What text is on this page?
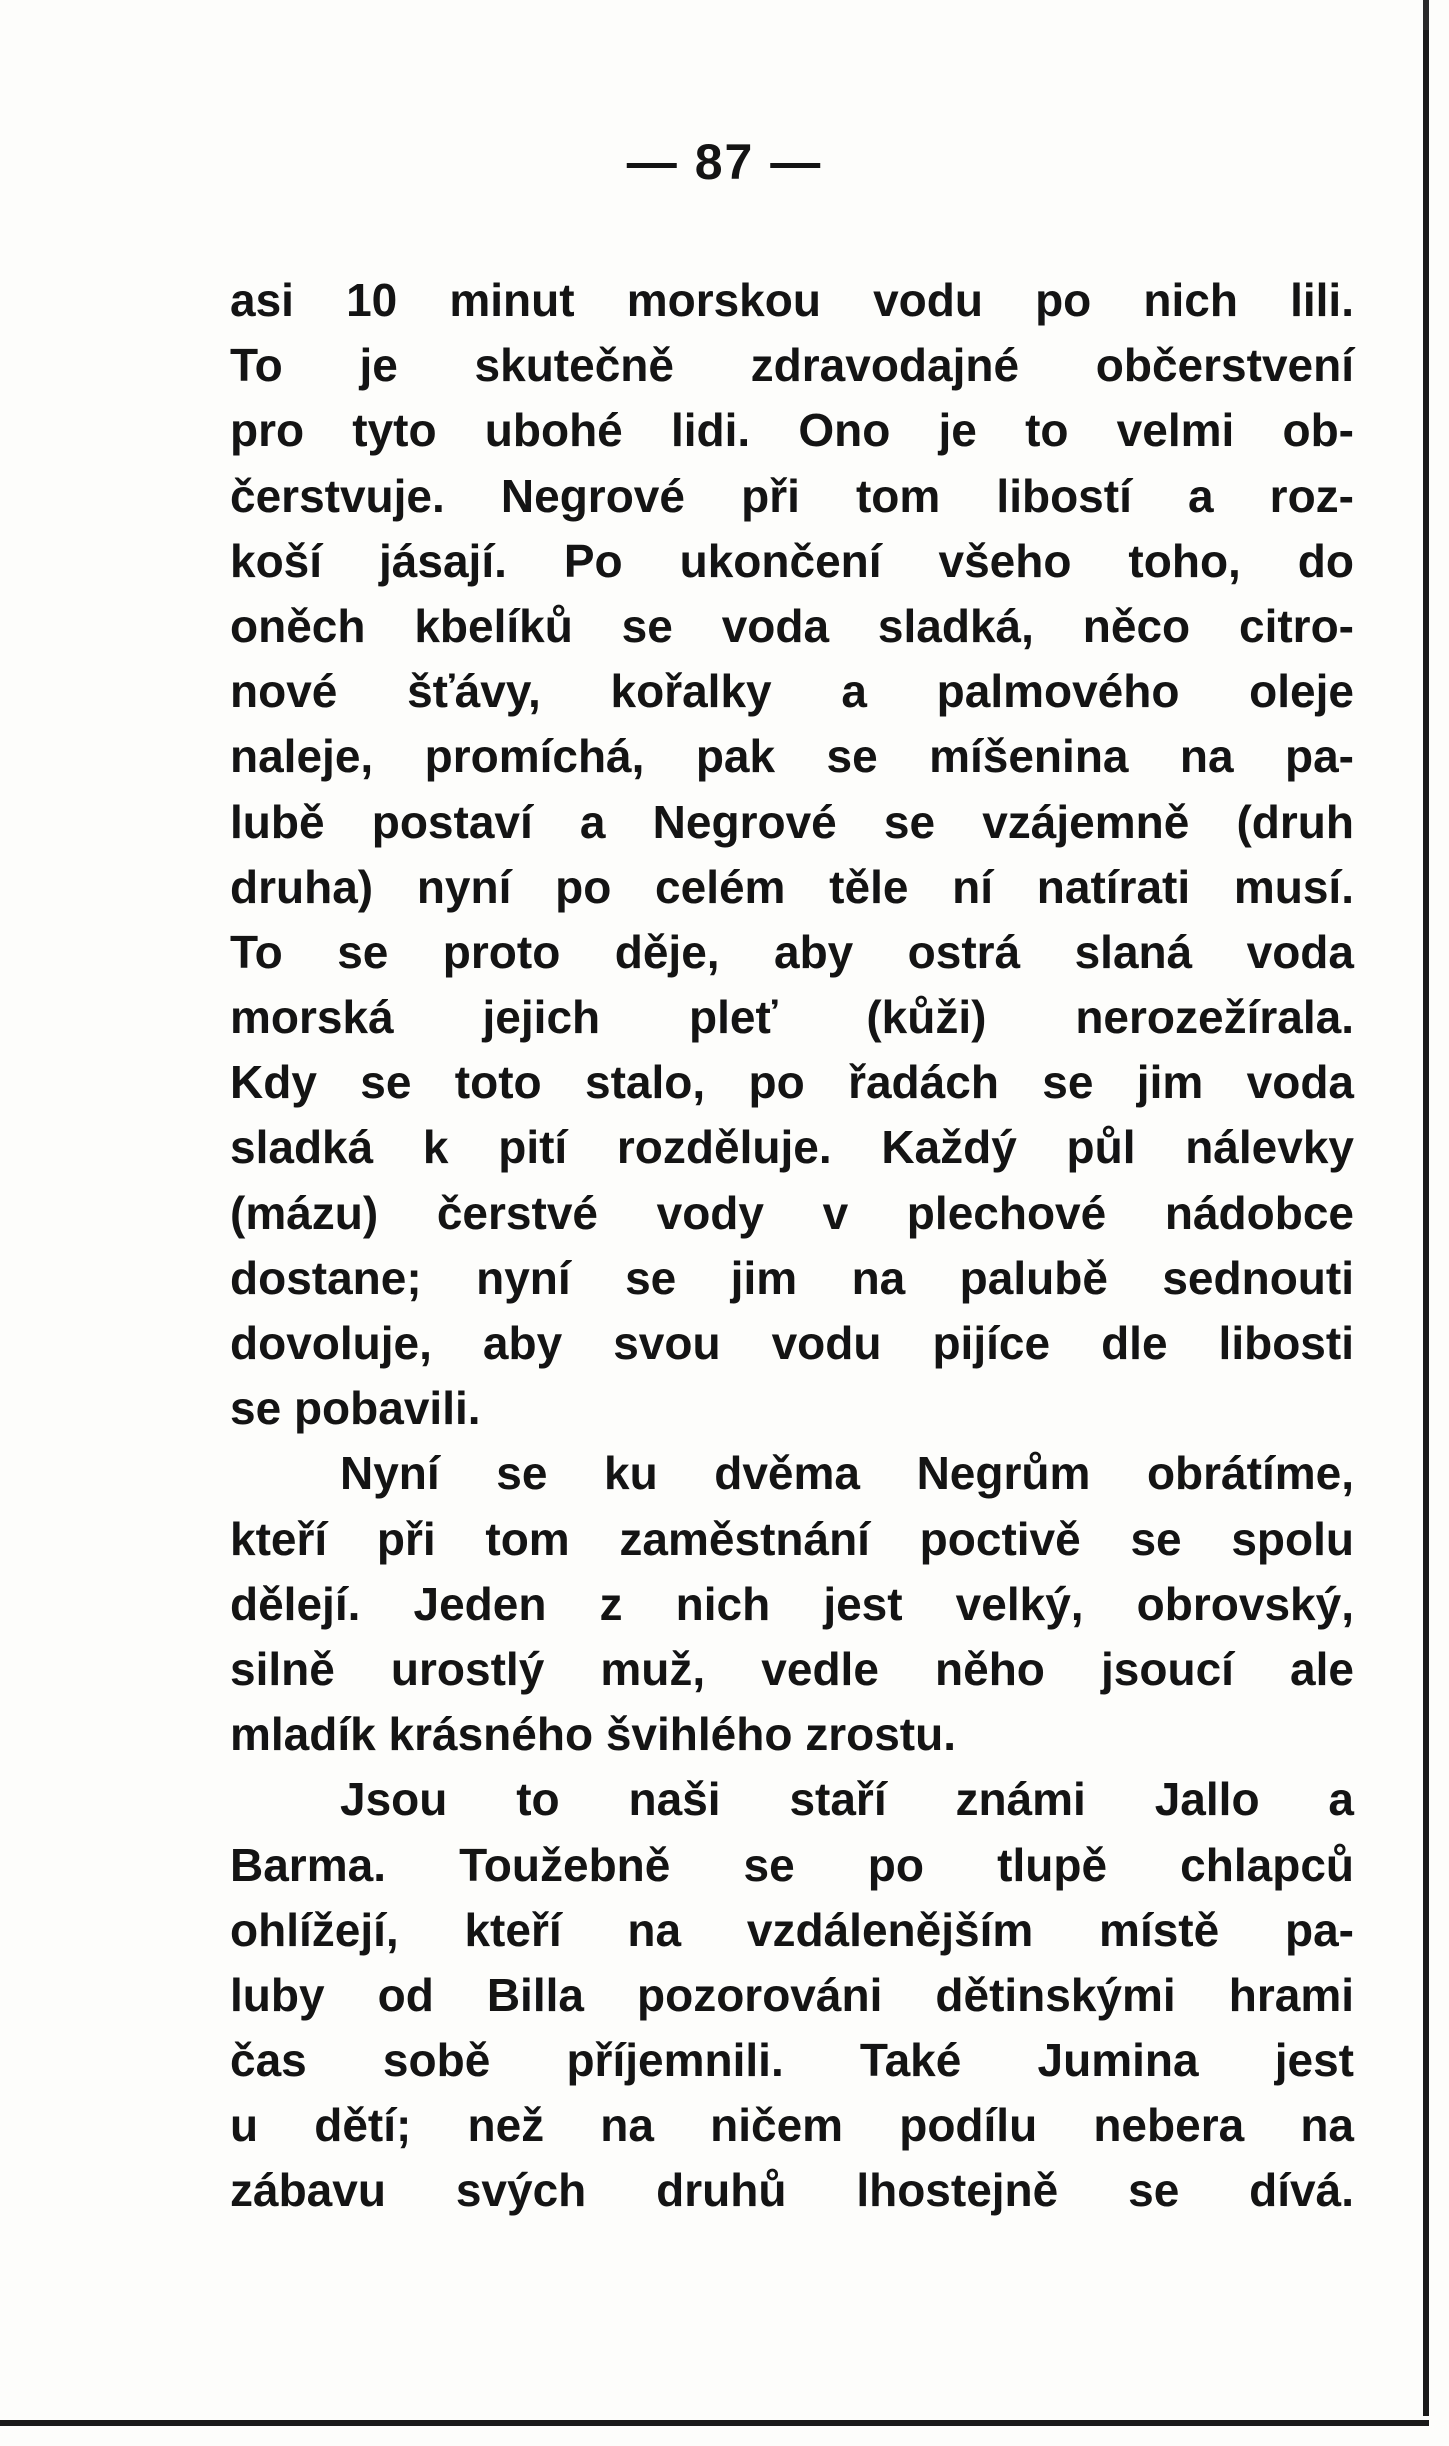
— 87 —
asi 10 minut morskou vodu po nich lili.
To je skutečně zdravodajné občerstvení
pro tyto ubohé lidi. Ono je to velmi ob-
čerstvuje. Negrové při tom libostí a roz-
koší jásají. Po ukončení všeho toho, do
oněch kbelíků se voda sladká, něco citro-
nové šťávy, kořalky a palmového oleje
naleje, promíchá, pak se míšenina na pa-
lubě postaví a Negrové se vzájemně (druh
druha) nyní po celém těle ní natírati musí.
To se proto děje, aby ostrá slaná voda
morská jejich pleť (kůži) nerozežírala.
Kdy se toto stalo, po řadách se jim voda
sladká k pití rozděluje. Každý půl nálevky
(mázu) čerstvé vody v plechové nádobce
dostane; nyní se jim na palubě sednouti
dovoluje, aby svou vodu pijíce dle libosti
se pobavili.
Nyní se ku dvěma Negrům obrátíme,
kteří při tom zaměstnání poctivě se spolu
dělejí. Jeden z nich jest velký, obrovský,
silně urostlý muž, vedle něho jsoucí ale
mladík krásného švihlého zrostu.
Jsou to naši staří známi Jallo a
Barma. Toužebně se po tlupě chlapců
ohlížejí, kteří na vzdálenějším místě pa-
luby od Billa pozorováni dětinskými hrami
čas sobě příjemnili. Také Jumina jest
u dětí; než na ničem podílu nebera na
zábavu svých druhů lhostejně se dívá.
